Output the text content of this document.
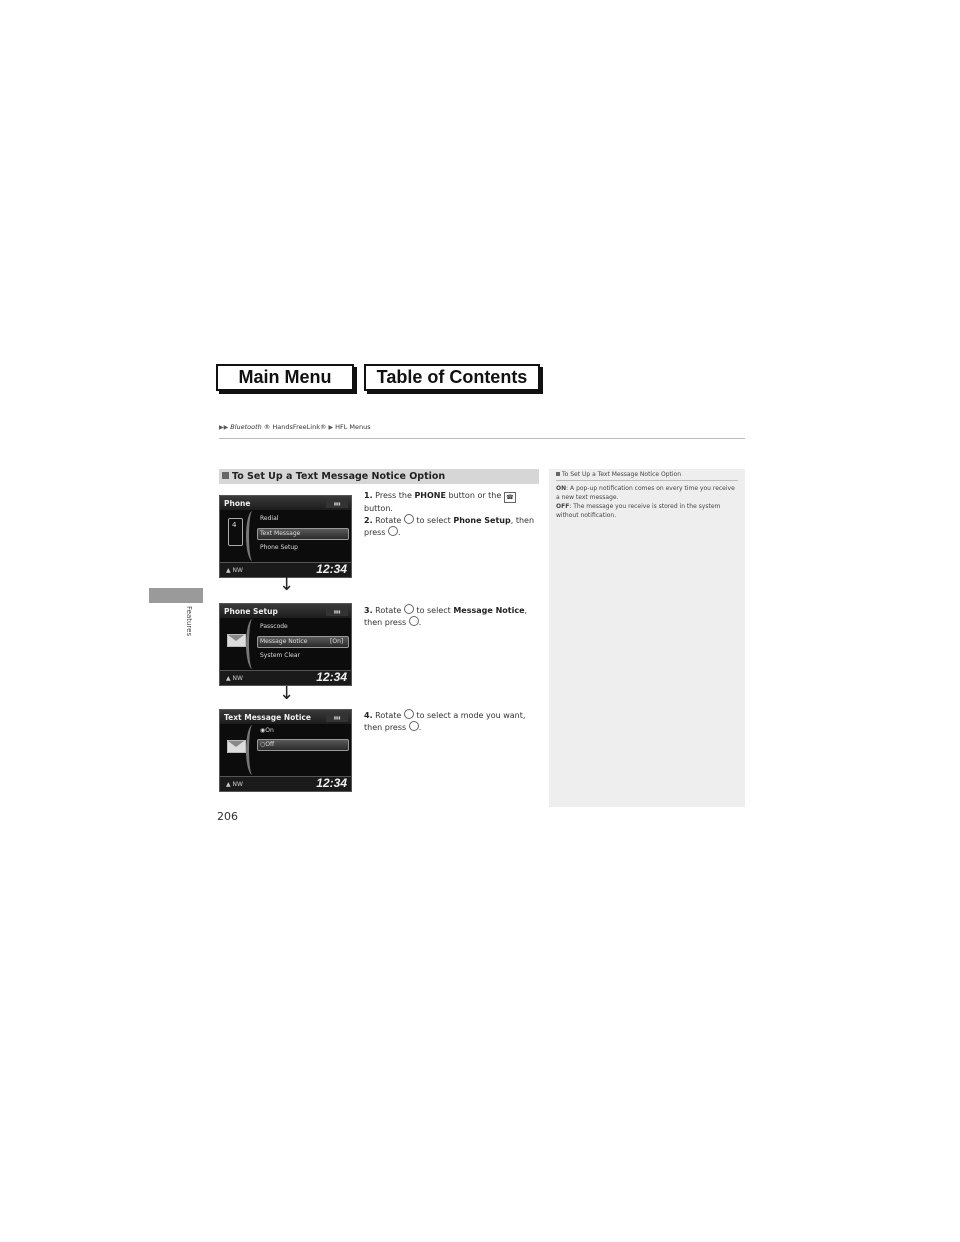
Main Menu	Table of Contents
▶▶ Bluetooth ® HandsFreeLink® ▶ HFL Menus
Features
206
To Set Up a Text Message Notice Option
Phone	▮▮▮
4
Redial
Text Message
Phone Setup
▲ NW	12:34
↓
Phone Setup	▮▮▮
Passcode
Message Notice	[On]
System Clear
▲ NW	12:34
↓
Text Message Notice	▮▮▮
◉On
○Off
▲ NW	12:34
1. Press the PHONE button or the ☎ button.
2. Rotate  to select Phone Setup, then press .
3. Rotate  to select Message Notice, then press .
4. Rotate  to select a mode you want, then press .
To Set Up a Text Message Notice Option
ON: A pop-up notification comes on every time you receive a new text message.
OFF: The message you receive is stored in the system without notification.
